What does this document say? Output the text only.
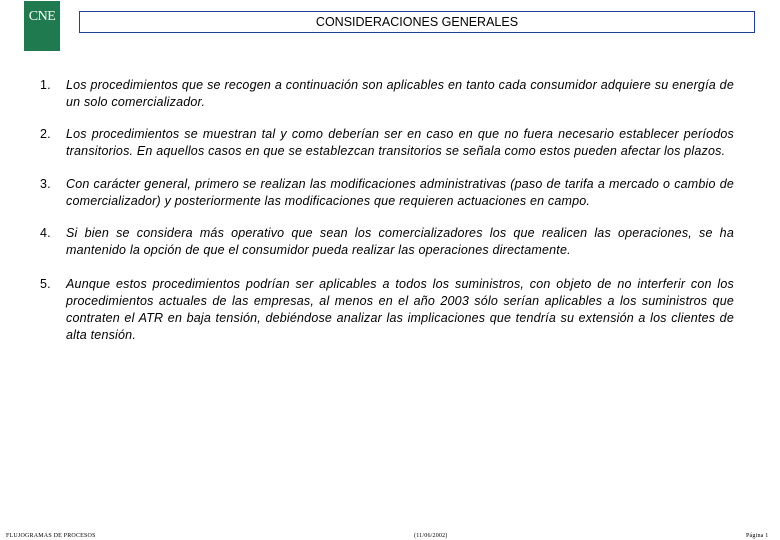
CNE	CONSIDERACIONES GENERALES
1. Los procedimientos que se recogen a continuación son aplicables en tanto cada consumidor adquiere su energía de un solo comercializador.
2. Los procedimientos se muestran tal y como deberían ser en caso en que no fuera necesario establecer períodos transitorios. En aquellos casos en que se establezcan transitorios se señala como estos pueden afectar los plazos.
3. Con carácter general, primero se realizan las modificaciones administrativas (paso de tarifa a mercado o cambio de comercializador) y posteriormente las modificaciones que requieren actuaciones en campo.
4. Si bien se considera más operativo que sean los comercializadores los que realicen las operaciones, se ha mantenido la opción de que el consumidor pueda realizar las operaciones directamente.
5. Aunque estos procedimientos podrían ser aplicables a todos los suministros, con objeto de no interferir con los procedimientos actuales de las empresas, al menos en el año 2003 sólo serían aplicables a los suministros que contraten el ATR en baja tensión, debiéndose analizar las implicaciones que tendría su extensión a los clientes de alta tensión.
FLUJOGRAMAS DE PROCESOS	(11/06/2002)	Página 1
